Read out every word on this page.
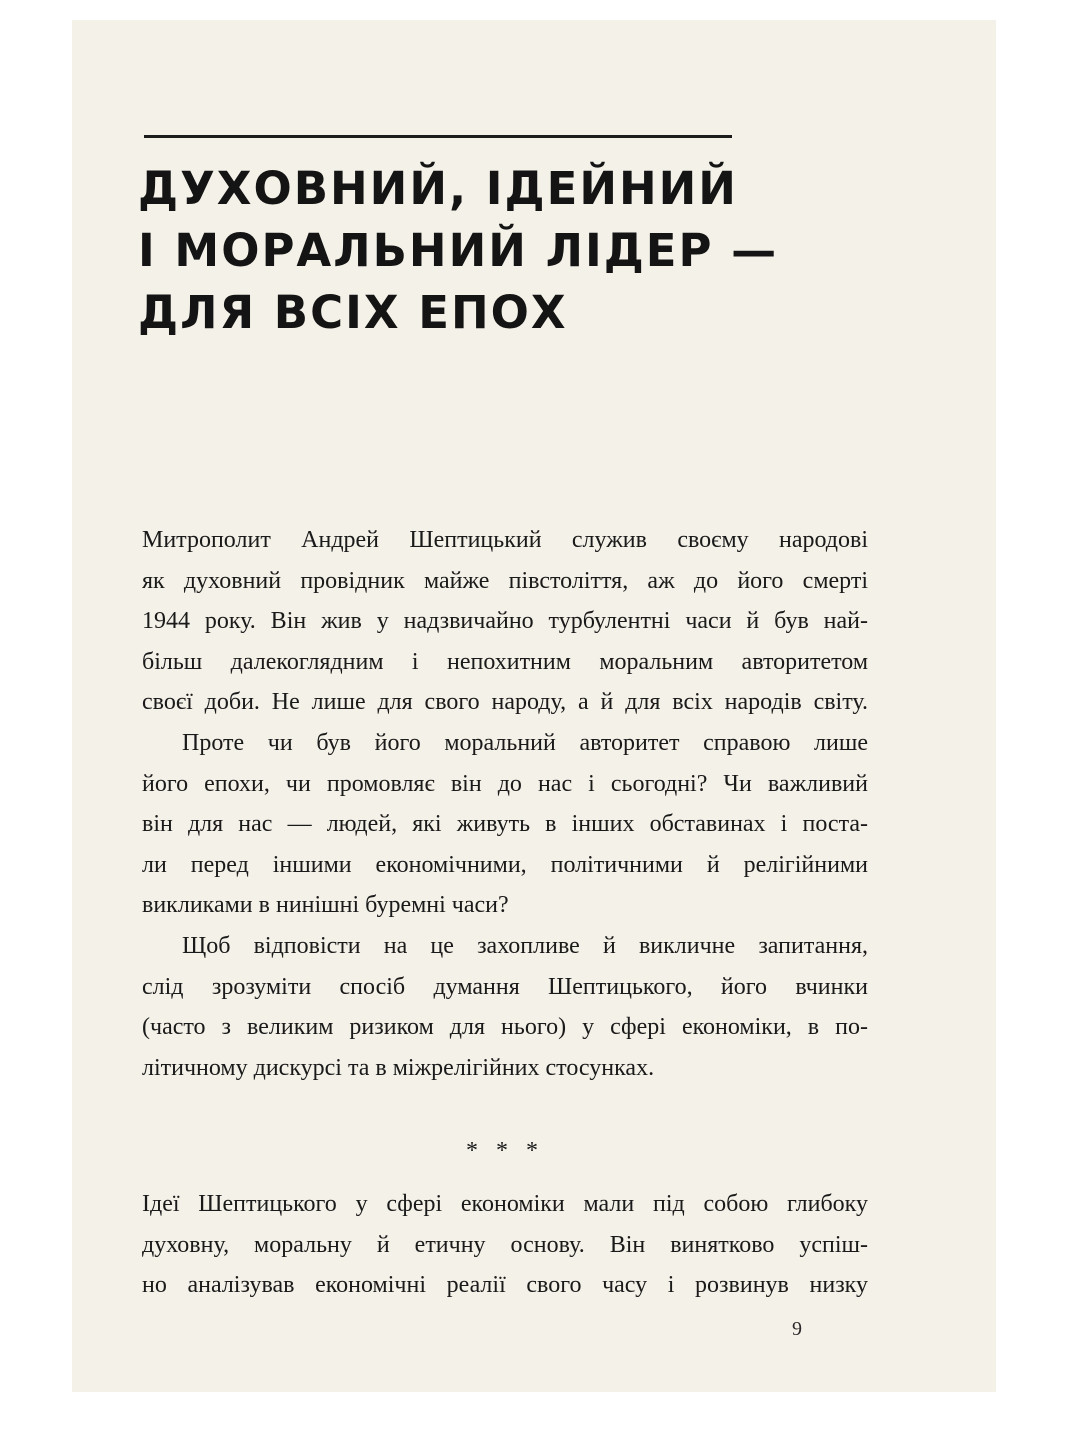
ДУХОВНИЙ, ІДЕЙНИЙ
І МОРАЛЬНИЙ ЛІДЕР —
ДЛЯ ВСІХ ЕПОХ
Митрополит Андрей Шептицький служив своєму народові
як духовний провідник майже півстоліття, аж до його смерті
1944 року. Він жив у надзвичайно турбулентні часи й був най-
більш далекоглядним і непохитним моральним авторитетом
своєї доби. Не лише для свого народу, а й для всіх народів світу.
Проте чи був його моральний авторитет справою лише
його епохи, чи промовляє він до нас і сьогодні? Чи важливий
він для нас — людей, які живуть в інших обставинах і поста-
ли перед іншими економічними, політичними й релігійними
викликами в нинішні буремні часи?
Щоб відповісти на це захопливе й викличне запитання,
слід зрозуміти спосіб думання Шептицького, його вчинки
(часто з великим ризиком для нього) у сфері економіки, в по-
літичному дискурсі та в міжрелігійних стосунках.
* * *
Ідеї Шептицького у сфері економіки мали під собою глибоку
духовну, моральну й етичну основу. Він винятково успіш-
но аналізував економічні реалії свого часу і розвинув низку
9
